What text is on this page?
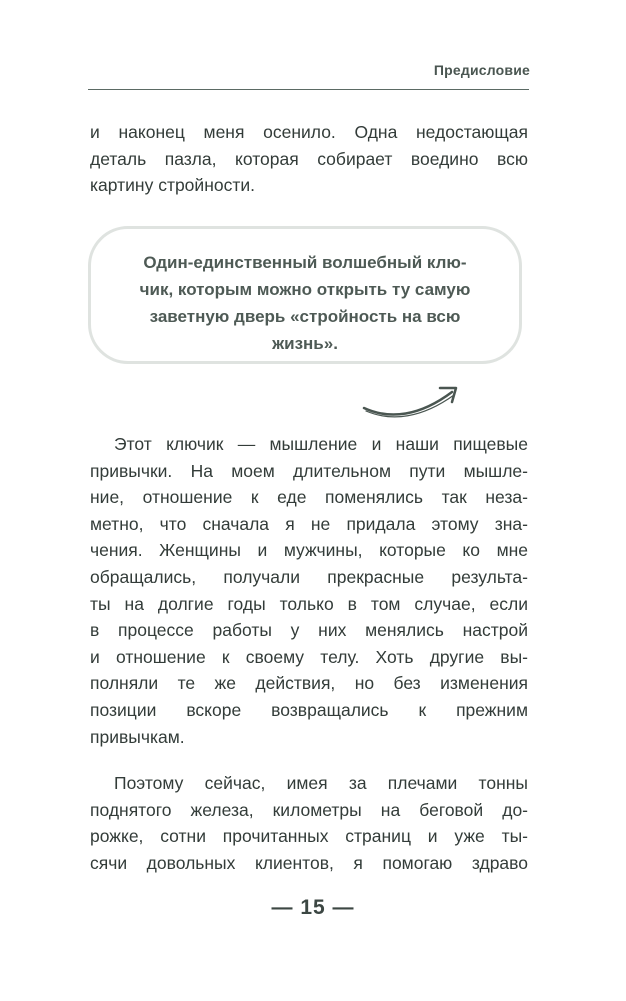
Предисловие
и наконец меня осенило. Одна недостающая
деталь пазла, которая собирает воедино всю
картину стройности.
Один-единственный волшебный клю-
чик, которым можно открыть ту самую
заветную дверь «стройность на всю
жизнь».
Этот ключик — мышление и наши пищевые
привычки. На моем длительном пути мышле-
ние, отношение к еде поменялись так неза-
метно, что сначала я не придала этому зна-
чения. Женщины и мужчины, которые ко мне
обращались, получали прекрасные результа-
ты на долгие годы только в том случае, если
в процессе работы у них менялись настрой
и отношение к своему телу. Хоть другие вы-
полняли те же действия, но без изменения
позиции вскоре возвращались к прежним
привычкам.
Поэтому сейчас, имея за плечами тонны
поднятого железа, километры на беговой до-
рожке, сотни прочитанных страниц и уже ты-
сячи довольных клиентов, я помогаю здраво
— 15 —
